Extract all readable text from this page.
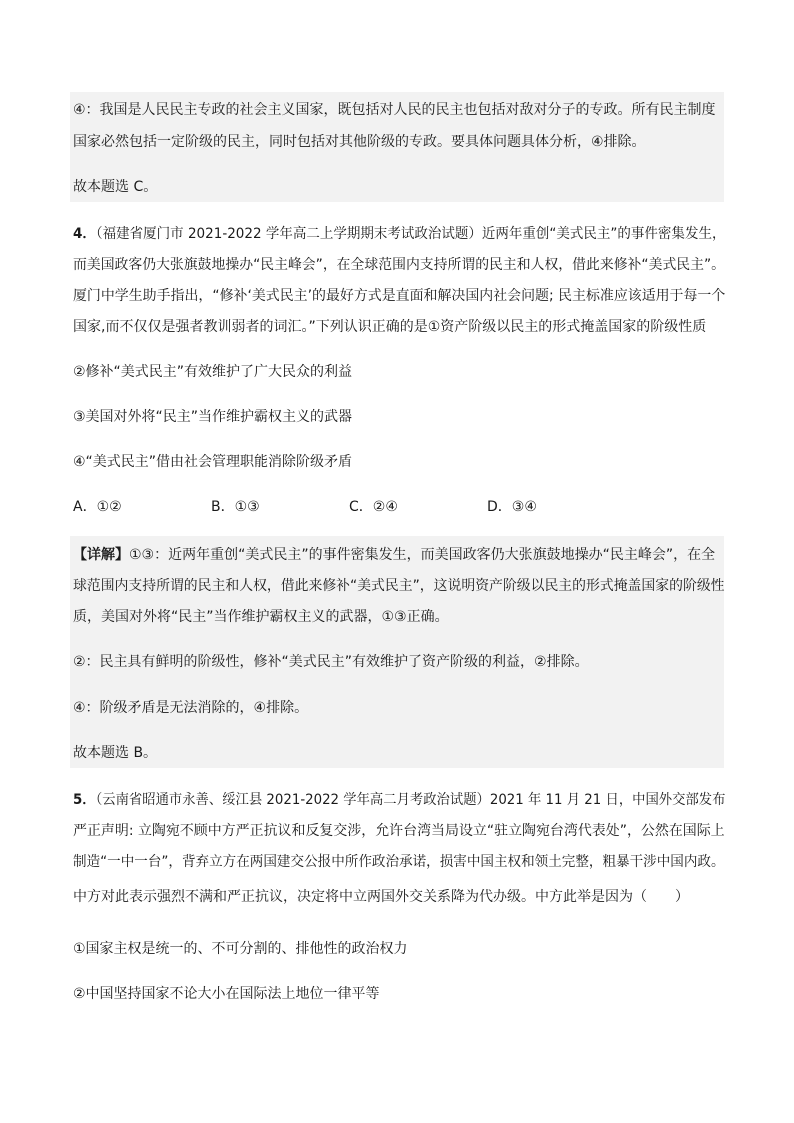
④：我国是人民民主专政的社会主义国家，既包括对人民的民主也包括对敌对分子的专政。所有民主制度
国家必然包括一定阶级的民主，同时包括对其他阶级的专政。要具体问题具体分析，④排除。
故本题选 C。
4．（福建省厦门市 2021-2022 学年高二上学期期末考试政治试题）近两年重创“美式民主”的事件密集发生，
而美国政客仍大张旗鼓地操办“民主峰会”，在全球范围内支持所谓的民主和人权，借此来修补“美式民主”。
厦门中学生助手指出，“修补‘美式民主’的最好方式是直面和解决国内社会问题; 民主标准应该适用于每一个
国家,而不仅仅是强者教训弱者的词汇。”下列认识正确的是①资产阶级以民主的形式掩盖国家的阶级性质
②修补“美式民主”有效维护了广大民众的利益
③美国对外将“民主”当作维护霸权主义的武器
④“美式民主”借由社会管理职能消除阶级矛盾
A．①②	B．①③	C．②④	D．③④
【详解】①③：近两年重创“美式民主”的事件密集发生，而美国政客仍大张旗鼓地操办“民主峰会”，在全
球范围内支持所谓的民主和人权，借此来修补“美式民主”，这说明资产阶级以民主的形式掩盖国家的阶级性
质，美国对外将“民主”当作维护霸权主义的武器，①③正确。
②：民主具有鲜明的阶级性，修补“美式民主”有效维护了资产阶级的利益，②排除。
④：阶级矛盾是无法消除的，④排除。
故本题选 B。
5．（云南省昭通市永善、绥江县 2021-2022 学年高二月考政治试题）2021 年 11 月 21 日，中国外交部发布
严正声明: 立陶宛不顾中方严正抗议和反复交涉，允许台湾当局设立“驻立陶宛台湾代表处”，公然在国际上
制造“一中一台”，背弃立方在两国建交公报中所作政治承诺，损害中国主权和领土完整，粗暴干涉中国内政。
中方对此表示强烈不满和严正抗议，决定将中立两国外交关系降为代办级。中方此举是因为（　　）
①国家主权是统一的、不可分割的、排他性的政治权力
②中国坚持国家不论大小在国际法上地位一律平等
